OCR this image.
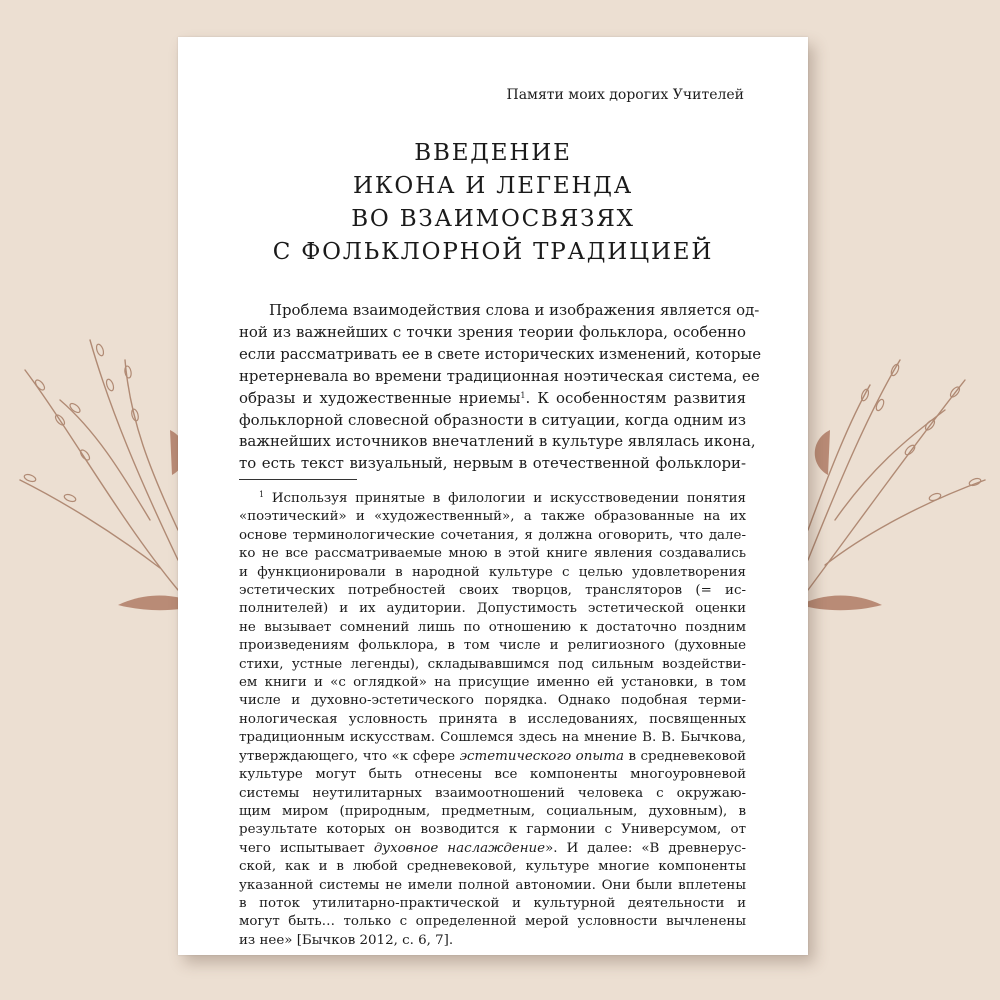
Памяти моих дорогих Учителей
ВВЕДЕНИЕ
ИКОНА И ЛЕГЕНДА
ВО ВЗАИМОСВЯЗЯХ
С ФОЛЬКЛОРНОЙ ТРАДИЦИЕЙ
Проблема взаимодействия слова и изображения является од-
ной из важнейших с точки зрения теории фольклора, особенно
если рассматривать ее в свете исторических изменений, которые
нретерневала во времени традиционная ноэтическая система, ее
образы и художественные нриемы$^1$. К особенностям развития
фольклорной словесной образности в ситуации, когда одним из
важнейших источников внечатлений в культуре являлась икона,
то есть текст визуальный, нервым в отечественной фольклори-
$^1$ Используя принятые в филологии и искусствоведении понятия
«поэтический» и «художественный», а также образованные на их
основе терминологические сочетания, я должна оговорить, что дале-
ко не все рассматриваемые мною в этой книге явления создавались
и функционировали в народной культуре с целью удовлетворения
эстетических потребностей своих творцов, трансляторов (= ис-
полнителей) и их аудитории. Допустимость эстетической оценки
не вызывает сомнений лишь по отношению к достаточно поздним
произведениям фольклора, в том числе и религиозного (духовные
стихи, устные легенды), складывавшимся под сильным воздействи-
ем книги и «с оглядкой» на присущие именно ей установки, в том
числе и духовно-эстетического порядка. Однако подобная терми-
нологическая условность принята в исследованиях, посвященных
традиционным искусствам. Сошлемся здесь на мнение В. В. Бычкова,
утверждающего, что «к сфере эстетического опыта в средневековой
культуре могут быть отнесены все компоненты многоуровневой
системы неутилитарных взаимоотношений человека с окружаю-
щим миром (природным, предметным, социальным, духовным), в
результате которых он возводится к гармонии с Универсумом, от
чего испытывает духовное наслаждение». И далее: «В древнерус-
ской, как и в любой средневековой, культуре многие компоненты
указанной системы не имели полной автономии. Они были вплетены
в поток утилитарно-практической и культурной деятельности и
могут быть… только с определенной мерой условности вычленены
из нее» [Бычков 2012, с. 6, 7].
